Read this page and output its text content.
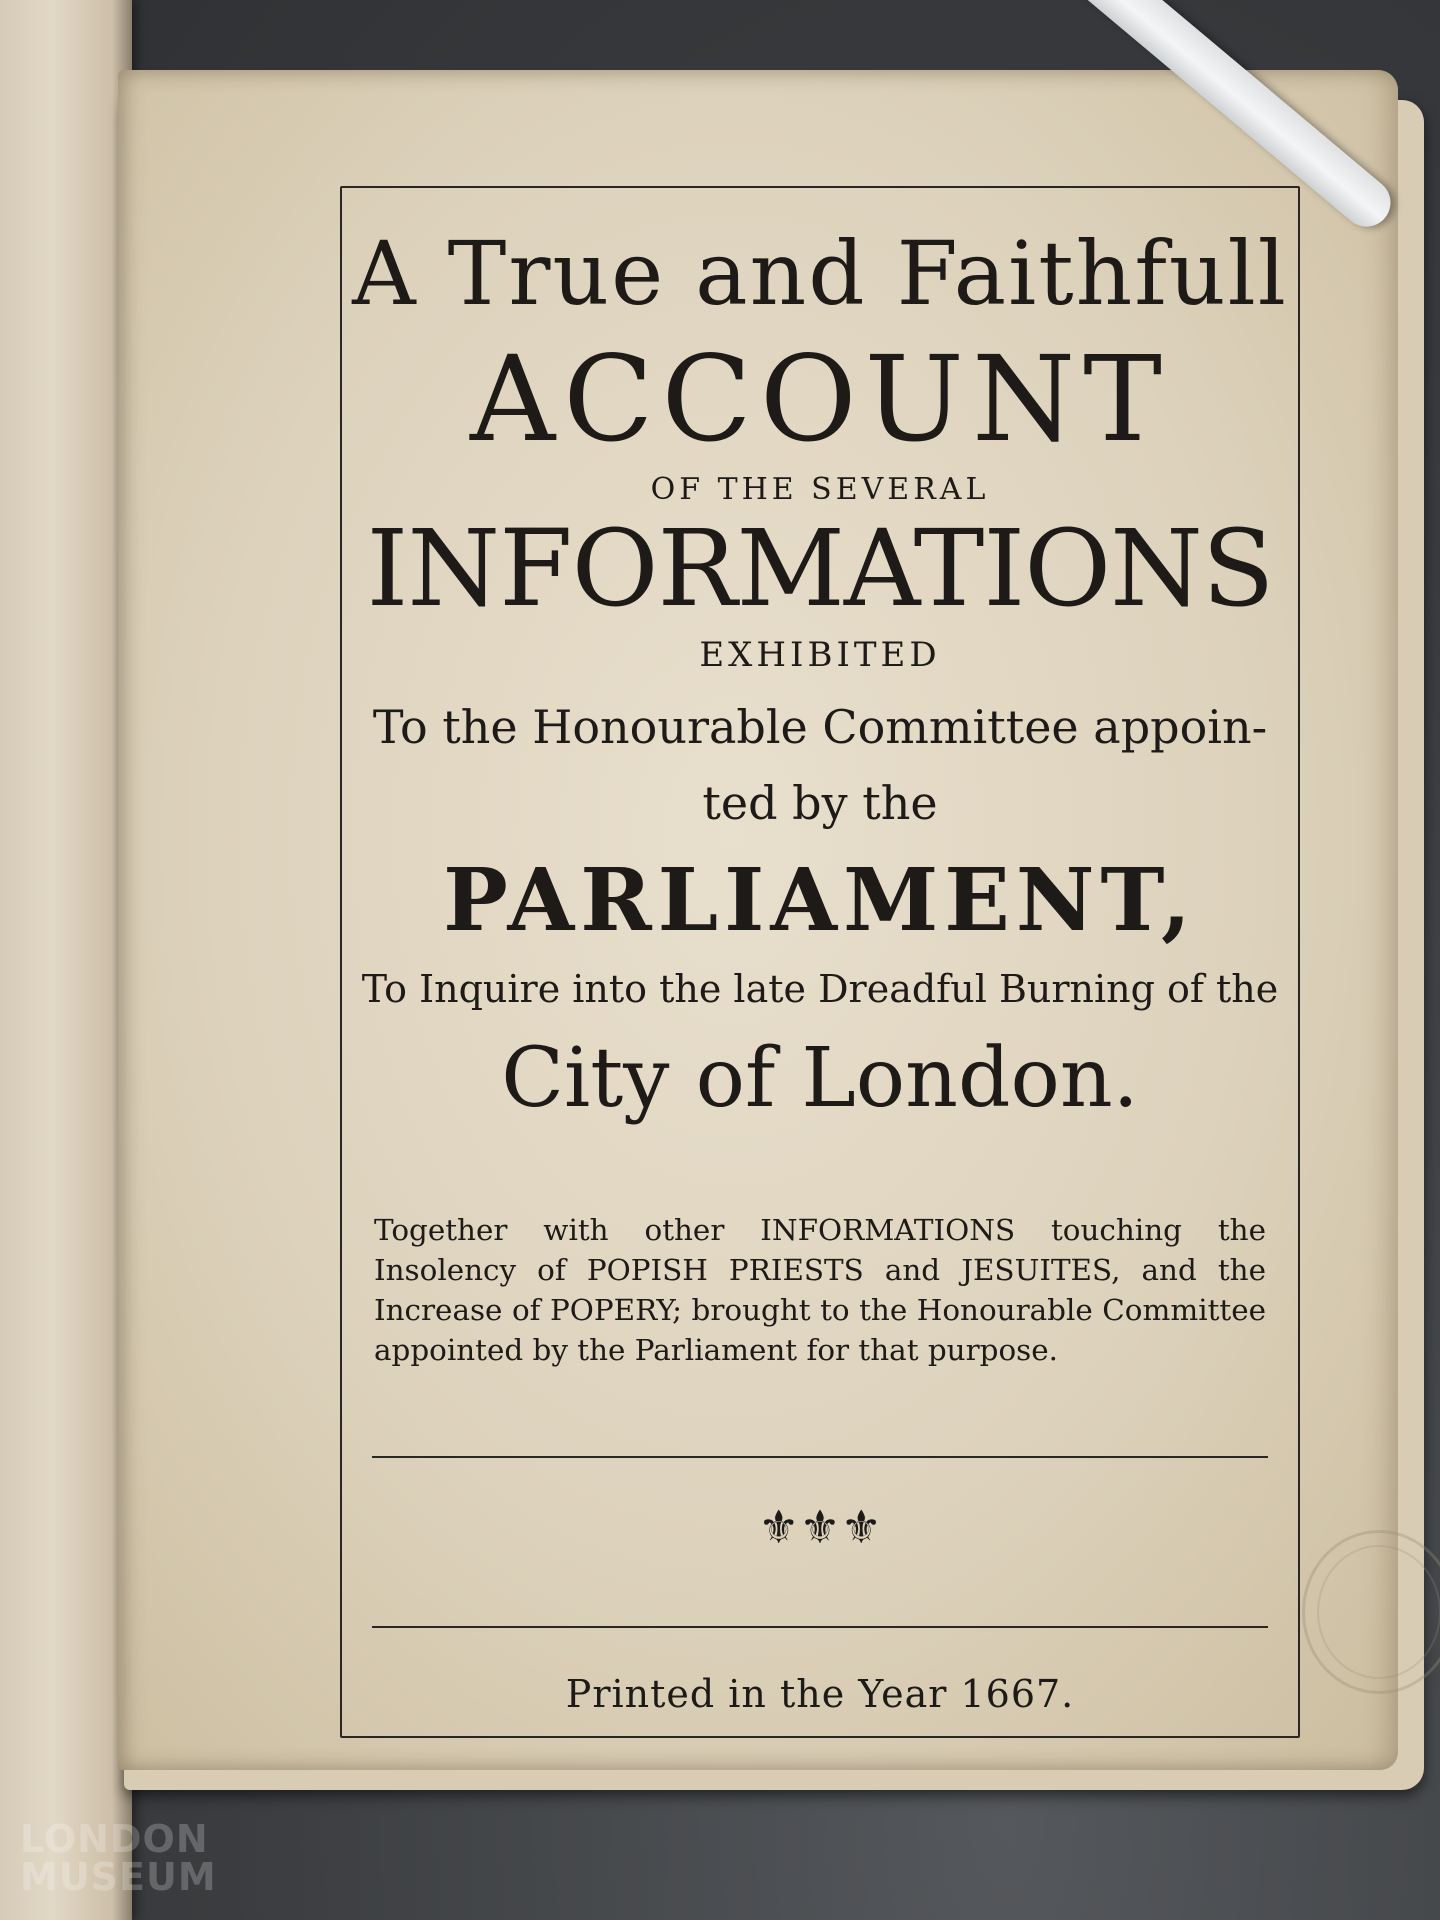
A True and Faithfull
ACCOUNT
OF THE SEVERAL
INFORMATIONS
EXHIBITED
To the Honourable Committee appoin-
ted by the
PARLIAMENT,
To Inquire into the late Dreadful Burning of the
City of London.
Together with other INFORMATIONS touching the Insolency of POPISH PRIESTS and JESUITES, and the Increase of POPERY; brought to the Honourable Committee appointed by the Parliament for that purpose.
⚜⚜⚜
Printed in the Year 1667.
LONDON
MUSEUM
